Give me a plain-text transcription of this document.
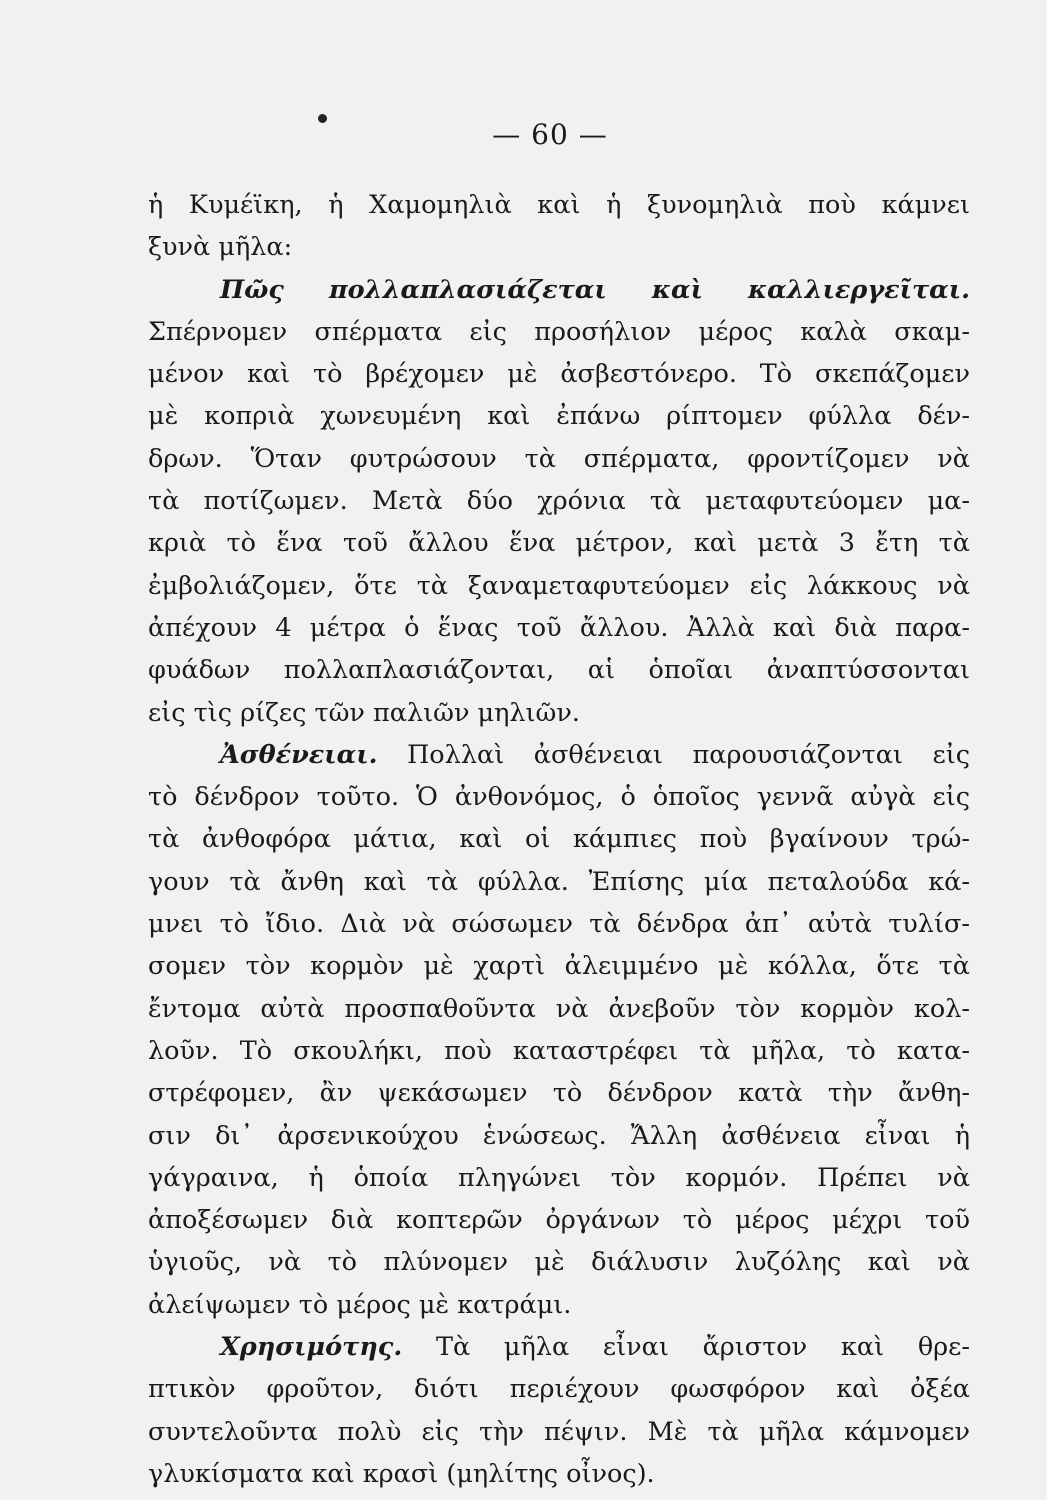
— 60 —
ἡ Κυμέϊκη, ἡ Χαμομηλιὰ καὶ ἡ ξυνομηλιὰ ποὺ κάμνει
ξυνὰ μῆλα:
Πῶς πολλαπλασιάζεται καὶ καλλιεργεῖται.
Σπέρνομεν σπέρματα εἰς προσήλιον μέρος καλὰ σκαμ-
μένον καὶ τὸ βρέχομεν μὲ ἀσβεστόνερο. Τὸ σκεπάζομεν
μὲ κοπριὰ χωνευμένη καὶ ἐπάνω ρίπτομεν φύλλα δέν-
δρων. Ὅταν φυτρώσουν τὰ σπέρματα, φροντίζομεν νὰ
τὰ ποτίζωμεν. Μετὰ δύο χρόνια τὰ μεταφυτεύομεν μα-
κριὰ τὸ ἕνα τοῦ ἄλλου ἕνα μέτρον, καὶ μετὰ 3 ἔτη τὰ
ἐμβολιάζομεν, ὅτε τὰ ξαναμεταφυτεύομεν εἰς λάκκους νὰ
ἀπέχουν 4 μέτρα ὁ ἕνας τοῦ ἄλλου. Ἀλλὰ καὶ διὰ παρα-
φυάδων πολλαπλασιάζονται, αἱ ὁποῖαι ἀναπτύσσονται
εἰς τὶς ρίζες τῶν παλιῶν μηλιῶν.
Ἀσθένειαι. Πολλαὶ ἀσθένειαι παρουσιάζονται εἰς
τὸ δένδρον τοῦτο. Ὁ ἀνθονόμος, ὁ ὁποῖος γεννᾶ αὐγὰ εἰς
τὰ ἀνθοφόρα μάτια, καὶ οἱ κάμπιες ποὺ βγαίνουν τρώ-
γουν τὰ ἄνθη καὶ τὰ φύλλα. Ἐπίσης μία πεταλούδα κά-
μνει τὸ ἴδιο. Διὰ νὰ σώσωμεν τὰ δένδρα ἀπ᾽ αὐτὰ τυλίσ-
σομεν τὸν κορμὸν μὲ χαρτὶ ἀλειμμένο μὲ κόλλα, ὅτε τὰ
ἔντομα αὐτὰ προσπαθοῦντα νὰ ἀνεβοῦν τὸν κορμὸν κολ-
λοῦν. Τὸ σκουλήκι, ποὺ καταστρέφει τὰ μῆλα, τὸ κατα-
στρέφομεν, ἂν ψεκάσωμεν τὸ δένδρον κατὰ τὴν ἄνθη-
σιν δι᾽ ἀρσενικούχου ἑνώσεως. Ἄλλη ἀσθένεια εἶναι ἡ
γάγραινα, ἡ ὁποία πληγώνει τὸν κορμόν. Πρέπει νὰ
ἀποξέσωμεν διὰ κοπτερῶν ὀργάνων τὸ μέρος μέχρι τοῦ
ὑγιοῦς, νὰ τὸ πλύνομεν μὲ διάλυσιν λυζόλης καὶ νὰ
ἀλείψωμεν τὸ μέρος μὲ κατράμι.
Χρησιμότης. Τὰ μῆλα εἶναι ἄριστον καὶ θρε-
πτικὸν φροῦτον, διότι περιέχουν φωσφόρον καὶ ὀξέα
συντελοῦντα πολὺ εἰς τὴν πέψιν. Μὲ τὰ μῆλα κάμνομεν
γλυκίσματα καὶ κρασὶ (μηλίτης οἶνος).
